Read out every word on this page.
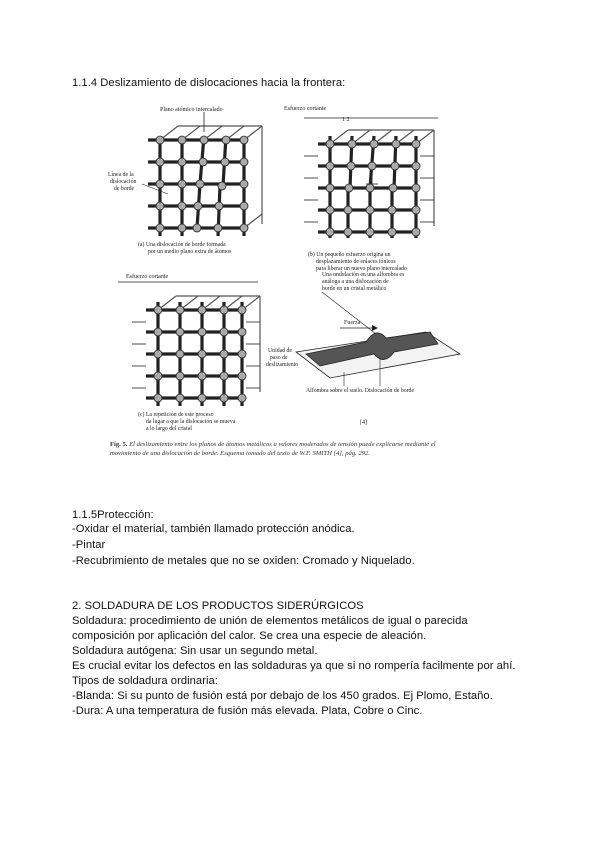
1.1.4 Deslizamiento de dislocaciones hacia la frontera:
Plano atómico intercalado
Línea de la dislocación de borde
(a) Una dislocación de borde formada por un medio plano extra de átomos
Esfuerzo cortante
1 2
(b) Un pequeño esfuerzo origina un desplazamiento de enlaces iónicos para liberar un nuevo plano intercalado
Esfuerzo cortante
Unidad de paso de deslizamiento
(c) La repetición de este proceso da lugar a que la dislocación se mueva a lo largo del cristal
Una ondulación en una alfombra es análoga a una dislocación de borde en un cristal metálico
Fuerza
Alfombra sobre el suelo. Dislocación de borde
[4]
Fig. 5. El deslizamiento entre los planos de átomos metálicos a valores moderados de tensión puede explicarse mediante el movimiento de una dislocación de borde. Esquema tomado del texto de W.F. SMITH [4], pág. 292.
1.1.5Protección:
-Oxidar el material, también llamado protección anódica.
-Pintar
-Recubrimiento de metales que no se oxiden: Cromado y Niquelado.
2. SOLDADURA DE LOS PRODUCTOS SIDERÚRGICOS
Soldadura: procedimiento de unión de elementos metálicos de igual o parecida
composición por aplicación del calor. Se crea una especie de aleación.
Soldadura autógena: Sin usar un segundo metal.
Es crucial evitar los defectos en las soldaduras ya que si no rompería facilmente por ahí.
Tipos de soldadura ordinaria:
-Blanda: Si su punto de fusión está por debajo de los 450 grados. Ej Plomo, Estaño.
-Dura: A una temperatura de fusión más elevada. Plata, Cobre o Cinc.
